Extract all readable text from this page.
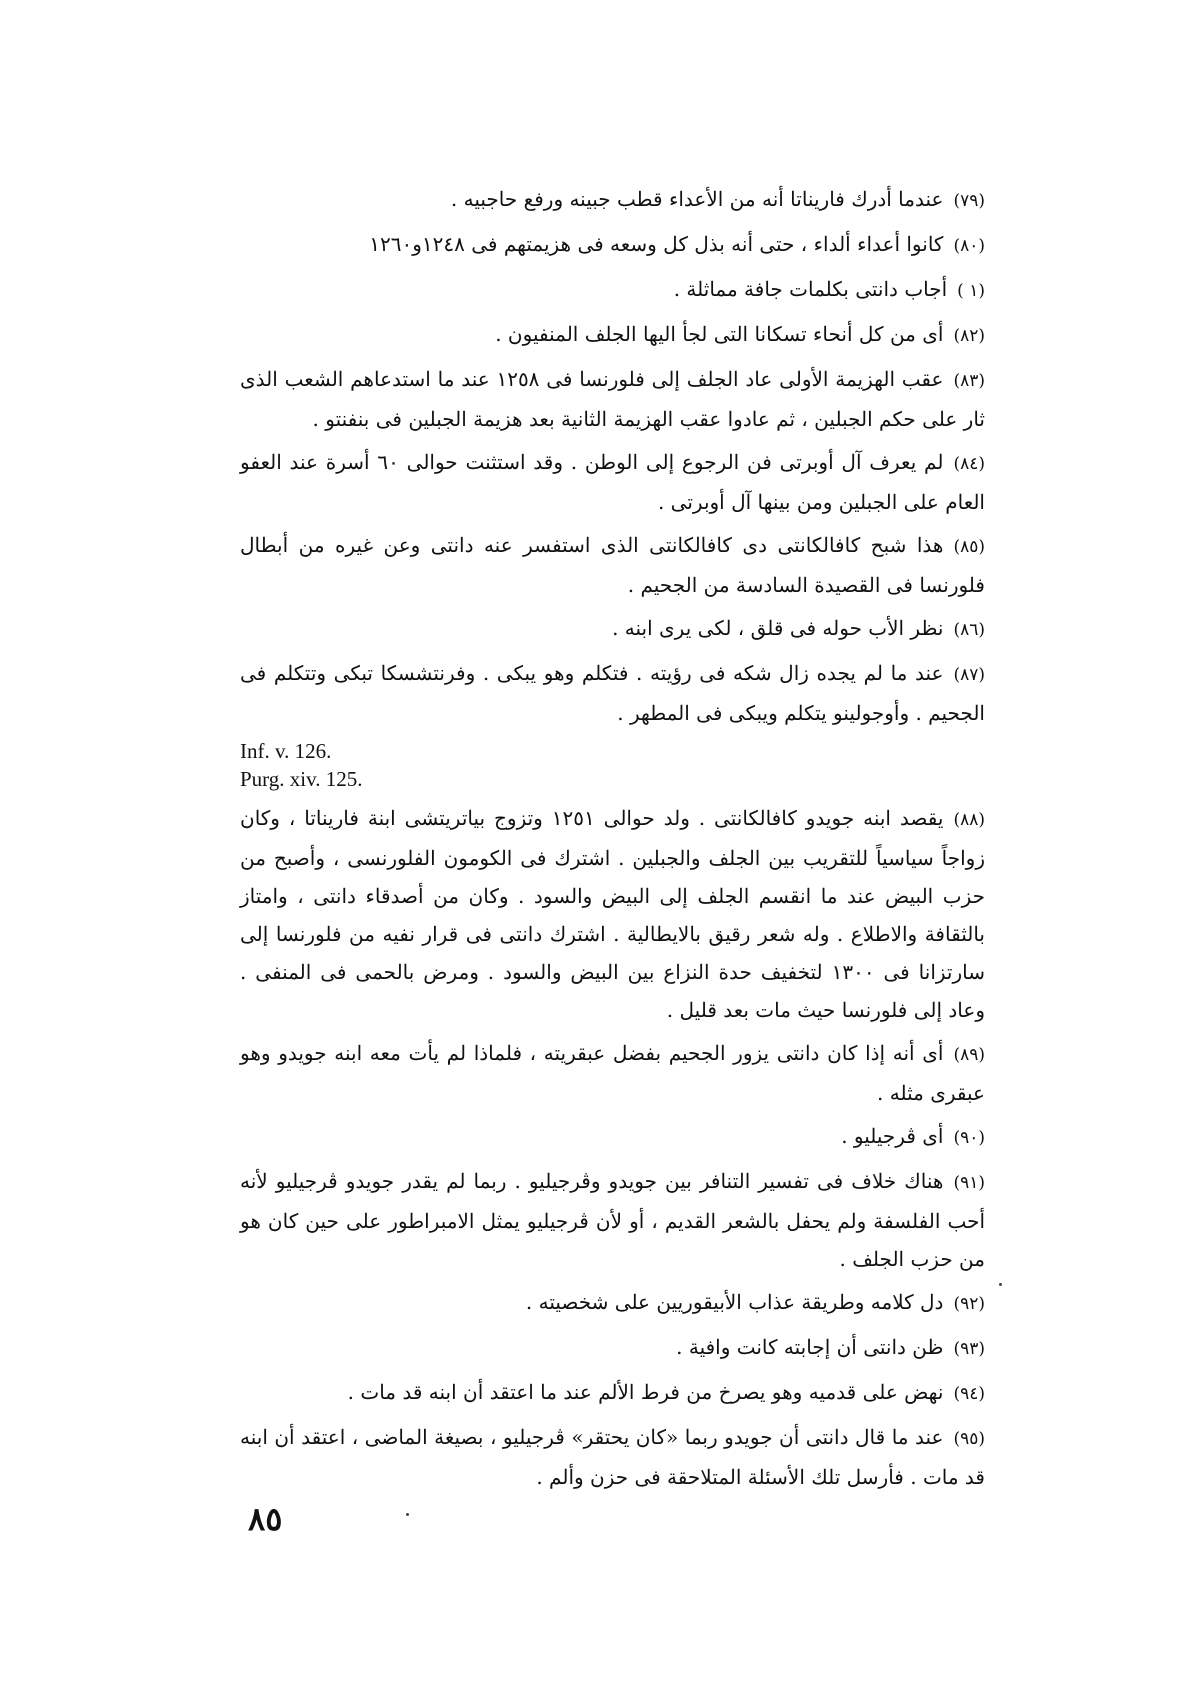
(٧٩)عندما أدرك فاريناتا أنه من الأعداء قطب جبينه ورفع حاجبيه .
(٨٠)كانوا أعداء ألداء ، حتى أنه بذل كل وسعه فى هزيمتهم فى ١٢٤٨و١٢٦٠
(١ )أجاب دانتى بكلمات جافة مماثلة .
(٨٢)أى من كل أنحاء تسكانا التى لجأ اليها الجلف المنفيون .
(٨٣)عقب الهزيمة الأولى عاد الجلف إلى فلورنسا فى ١٢٥٨ عند ما استدعاهم الشعب الذى ثار على حكم الجبلين ، ثم عادوا عقب الهزيمة الثانية بعد هزيمة الجبلين فى بنفنتو .
(٨٤)لم يعرف آل أوبرتى فن الرجوع إلى الوطن . وقد استثنت حوالى ٦٠ أسرة عند العفو العام على الجبلين ومن بينها آل أوبرتى .
(٨٥)هذا شبح كافالكانتى دى كافالكانتى الذى استفسر عنه دانتى وعن غيره من أبطال فلورنسا فى القصيدة السادسة من الجحيم .
(٨٦)نظر الأب حوله فى قلق ، لكى يرى ابنه .
(٨٧)عند ما لم يجده زال شكه فى رؤيته . فتكلم وهو يبكى . وفرنتشسكا تبكى وتتكلم فى الجحيم . وأوجولينو يتكلم ويبكى فى المطهر .
Inf. v. 126.
Purg. xiv. 125.
(٨٨)يقصد ابنه جويدو كافالكانتى . ولد حوالى ١٢٥١ وتزوج بياتريتشى ابنة فاريناتا ، وكان زواجاً سياسياً للتقريب بين الجلف والجبلين . اشترك فى الكومون الفلورنسى ، وأصبح من حزب البيض عند ما انقسم الجلف إلى البيض والسود . وكان من أصدقاء دانتى ، وامتاز بالثقافة والاطلاع . وله شعر رقيق بالايطالية . اشترك دانتى فى قرار نفيه من فلورنسا إلى سارتزانا فى ١٣٠٠ لتخفيف حدة النزاع بين البيض والسود . ومرض بالحمى فى المنفى . وعاد إلى فلورنسا حيث مات بعد قليل .
(٨٩)أى أنه إذا كان دانتى يزور الجحيم بفضل عبقريته ، فلماذا لم يأت معه ابنه جويدو وهو عبقرى مثله .
(٩٠)أى ڤرجيليو .
(٩١)هناك خلاف فى تفسير التنافر بين جويدو وڤرجيليو . ربما لم يقدر جويدو ڤرجيليو لأنه أحب الفلسفة ولم يحفل بالشعر القديم ، أو لأن ڤرجيليو يمثل الامبراطور على حين كان هو من حزب الجلف .
(٩٢)دل كلامه وطريقة عذاب الأبيقوريين على شخصيته .
(٩٣)ظن دانتى أن إجابته كانت وافية .
(٩٤)نهض على قدميه وهو يصرخ من فرط الألم عند ما اعتقد أن ابنه قد مات .
(٩٥)عند ما قال دانتى أن جويدو ربما «كان يحتقر» ڤرجيليو ، بصيغة الماضى ، اعتقد أن ابنه قد مات . فأرسل تلك الأسئلة المتلاحقة فى حزن وألم .
٨٥
